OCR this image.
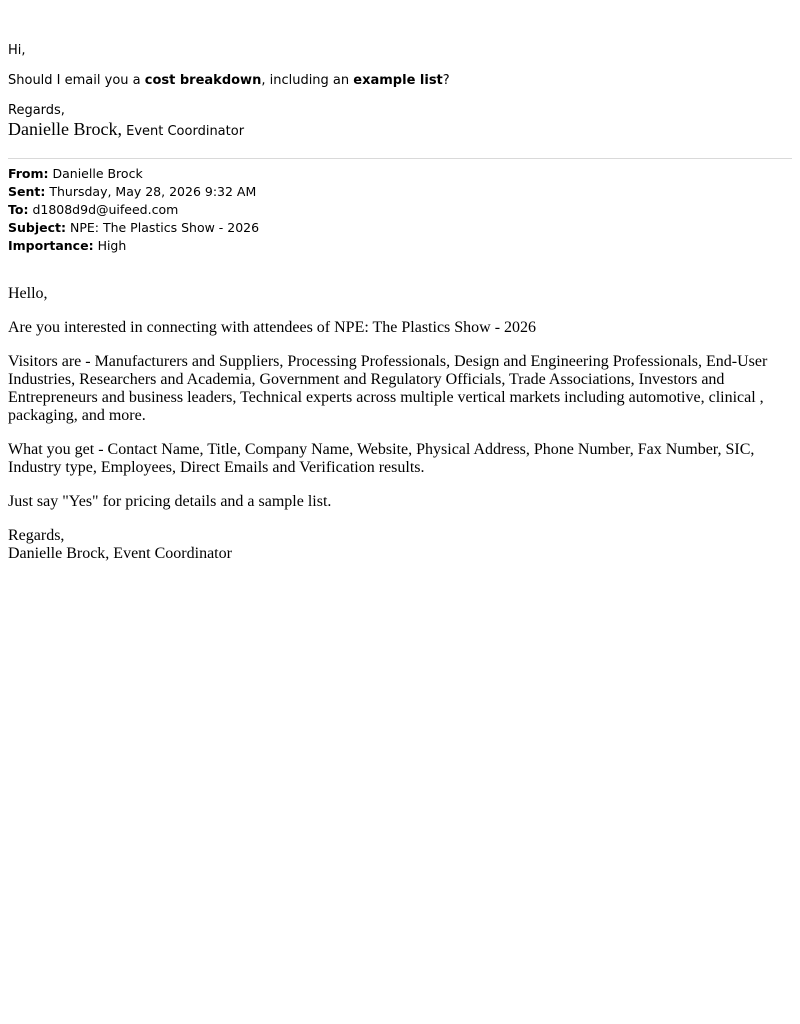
Hi,

Should I email you a cost breakdown, including an example list?

Regards,

Danielle Brock, Event Coordinator

From: Danielle Brock
Sent: Thursday, May 28, 2026 9:32 AM
To: d1808d9d@uifeed.com
Subject: NPE: The Plastics Show - 2026
Importance: High

Hello,

Are you interested in connecting with attendees of NPE: The Plastics Show - 2026

Visitors are - Manufacturers and Suppliers, Processing Professionals, Design and Engineering Professionals, End-User Industries, Researchers and Academia, Government and Regulatory Officials, Trade Associations, Investors and Entrepreneurs and business leaders, Technical experts across multiple vertical markets including automotive, clinical , packaging, and more.

What you get - Contact Name, Title, Company Name, Website, Physical Address, Phone Number, Fax Number, SIC, Industry type, Employees, Direct Emails and Verification results.

Just say "Yes" for pricing details and a sample list.

Regards,

Danielle Brock, Event Coordinator
